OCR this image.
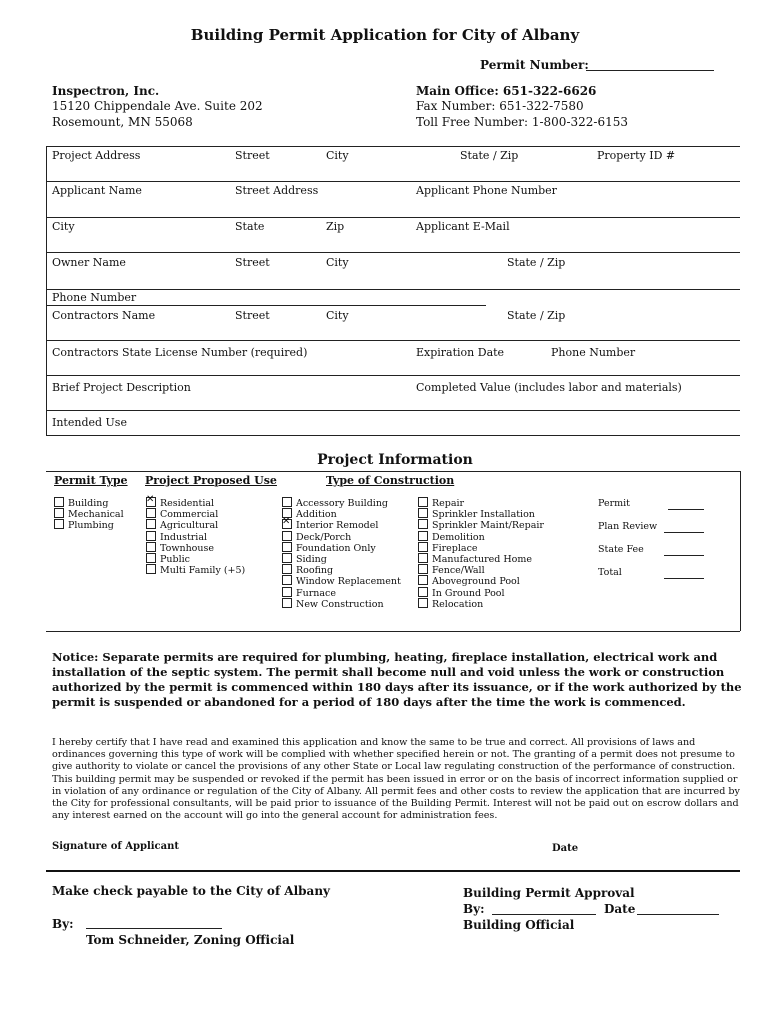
Building Permit Application for City of Albany
Permit Number:
Inspectron, Inc.
15120 Chippendale Ave. Suite 202
Rosemount, MN 55068
Main Office: 651-322-6626
Fax Number: 651-322-7580
Toll Free Number: 1-800-322-6153
Project Address	Street	City	State / Zip	Property ID #
Applicant Name	Street Address	Applicant Phone Number
City	State	Zip	Applicant E-Mail
Owner Name	Street	City	State / Zip
Phone Number
Contractors Name	Street	City	State / Zip
Contractors State License Number (required)	Expiration Date	Phone Number
Brief Project Description	Completed Value (includes labor and materials)
Intended Use
Project Information
Permit Type Project Proposed Use	Type of Construction
Building
Mechanical
Plumbing
✕Residential
Commercial
Agricultural
Industrial
Townhouse
Public
Multi Family (+5)
Accessory Building
Addition
✕Interior Remodel
Deck/Porch
Foundation Only
Siding
Roofing
Window Replacement
Furnace
New Construction
Repair
Sprinkler Installation
Sprinkler Maint/Repair
Demolition
Fireplace
Manufactured Home
Fence/Wall
Aboveground Pool
In Ground Pool
Relocation
Permit
Plan Review
State Fee
Total
Notice: Separate permits are required for plumbing, heating, fireplace installation, electrical work and installation of the septic system. The permit shall become null and void unless the work or construction authorized by the permit is commenced within 180 days after its issuance, or if the work authorized by the permit is suspended or abandoned for a period of 180 days after the time the work is commenced.

I hereby certify that I have read and examined this application and know the same to be true and correct. All provisions of laws and ordinances governing this type of work will be complied with whether specified herein or not. The granting of a permit does not presume to give authority to violate or cancel the provisions of any other State or Local law regulating construction of the performance of construction. This building permit may be suspended or revoked if the permit has been issued in error or on the basis of incorrect information supplied or in violation of any ordinance or regulation of the City of Albany. All permit fees and other costs to review the application that are incurred by the City for professional consultants, will be paid prior to issuance of the Building Permit. Interest will not be paid out on escrow dollars and any interest earned on the account will go into the general account for administration fees.

Signature of Applicant	Date
Make check payable to the City of Albany
By:
Tom Schneider, Zoning Official
Building Permit Approval
By:	Date
Building Official
